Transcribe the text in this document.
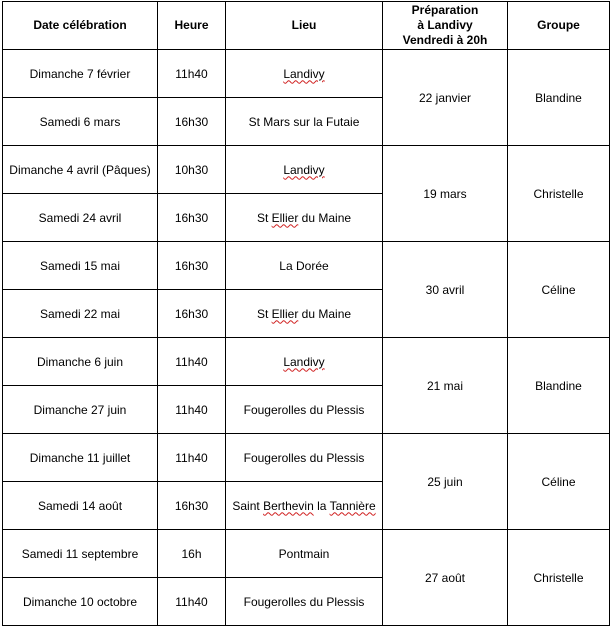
Date célébration	Heure	Lieu	Préparation
à Landivy
Vendredi à 20h	Groupe
Dimanche 7 février	11h40	Landivy	22 janvier	Blandine
Samedi 6 mars	16h30	St Mars sur la Futaie		
Dimanche 4 avril (Pâques)	10h30	Landivy	19 mars	Christelle
Samedi 24 avril	16h30	St Ellier du Maine		
Samedi 15 mai	16h30	La Dorée	30 avril	Céline
Samedi 22 mai	16h30	St Ellier du Maine		
Dimanche 6 juin	11h40	Landivy	21 mai	Blandine
Dimanche 27 juin	11h40	Fougerolles du Plessis		
Dimanche 11 juillet	11h40	Fougerolles du Plessis	25 juin	Céline
Samedi 14 août	16h30	Saint Berthevin la Tannière		
Samedi 11 septembre	16h	Pontmain	27 août	Christelle
Dimanche 10 octobre	11h40	Fougerolles du Plessis		
